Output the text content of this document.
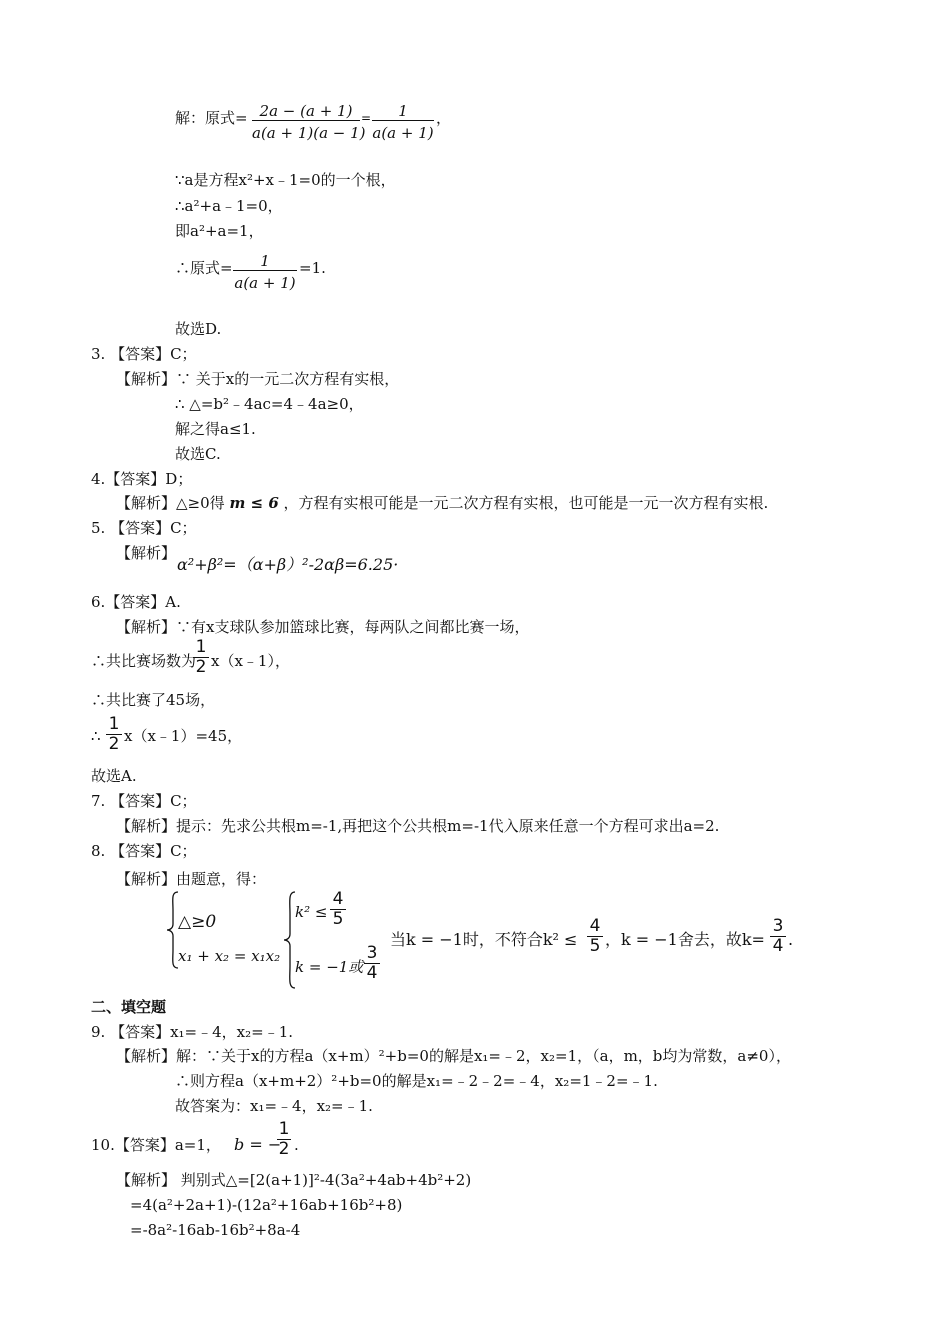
解：原式= 2a − (a + 1)
a(a + 1)(a − 1)
=	1
a(a + 1)
，
∵a是方程x²+x﹣1=0的一个根，
∴a²+a﹣1=0，
即a²+a=1，
∴原式=	1
a(a + 1)
=1.
故选D.
3. 【答案】C；
【解析】∵ 关于x的一元二次方程有实根，
∴ △=b²﹣4ac=4﹣4a≥0，
解之得a≤1.
故选C.
4.【答案】D；
【解析】△≥0得 m ≤ 6 ，方程有实根可能是一元二次方程有实根，也可能是一元一次方程有实根.
5. 【答案】C；
【解析】
α²+β²=（α+β）²-2αβ=6.25·
6.【答案】A.
【解析】∵有x支球队参加篮球比赛，每两队之间都比赛一场，
∴共比赛场数为
1
2 x（x﹣1），
∴共比赛了45场，
∴
1
2 x（x﹣1）=45，
故选A.
7. 【答案】C；
【解析】提示：先求公共根m=-1,再把这个公共根m=-1代入原来任意一个方程可求出a=2.
8. 【答案】C；
【解析】由题意，得：
△≥0
x₁ + x₂ = x₁x₂
k² ≤
4
5
k = −1或
3
4
当k = −1时，不符合k² ≤
4
5 ，k = −1舍去，故k=
3
4 .
二、填空题
9. 【答案】x₁=﹣4，x₂=﹣1.
【解析】解：∵关于x的方程a（x+m）²+b=0的解是x₁=﹣2，x₂=1，（a，m，b均为常数，a≠0），
∴则方程a（x+m+2）²+b=0的解是x₁=﹣2﹣2=﹣4，x₂=1﹣2=﹣1.
故答案为：x₁=﹣4，x₂=﹣1.
10.【答案】a=1， b = −
1
2 .
【解析】 判别式△=[2(a+1)]²-4(3a²+4ab+4b²+2)
=4(a²+2a+1)-(12a²+16ab+16b²+8)
=-8a²-16ab-16b²+8a-4
